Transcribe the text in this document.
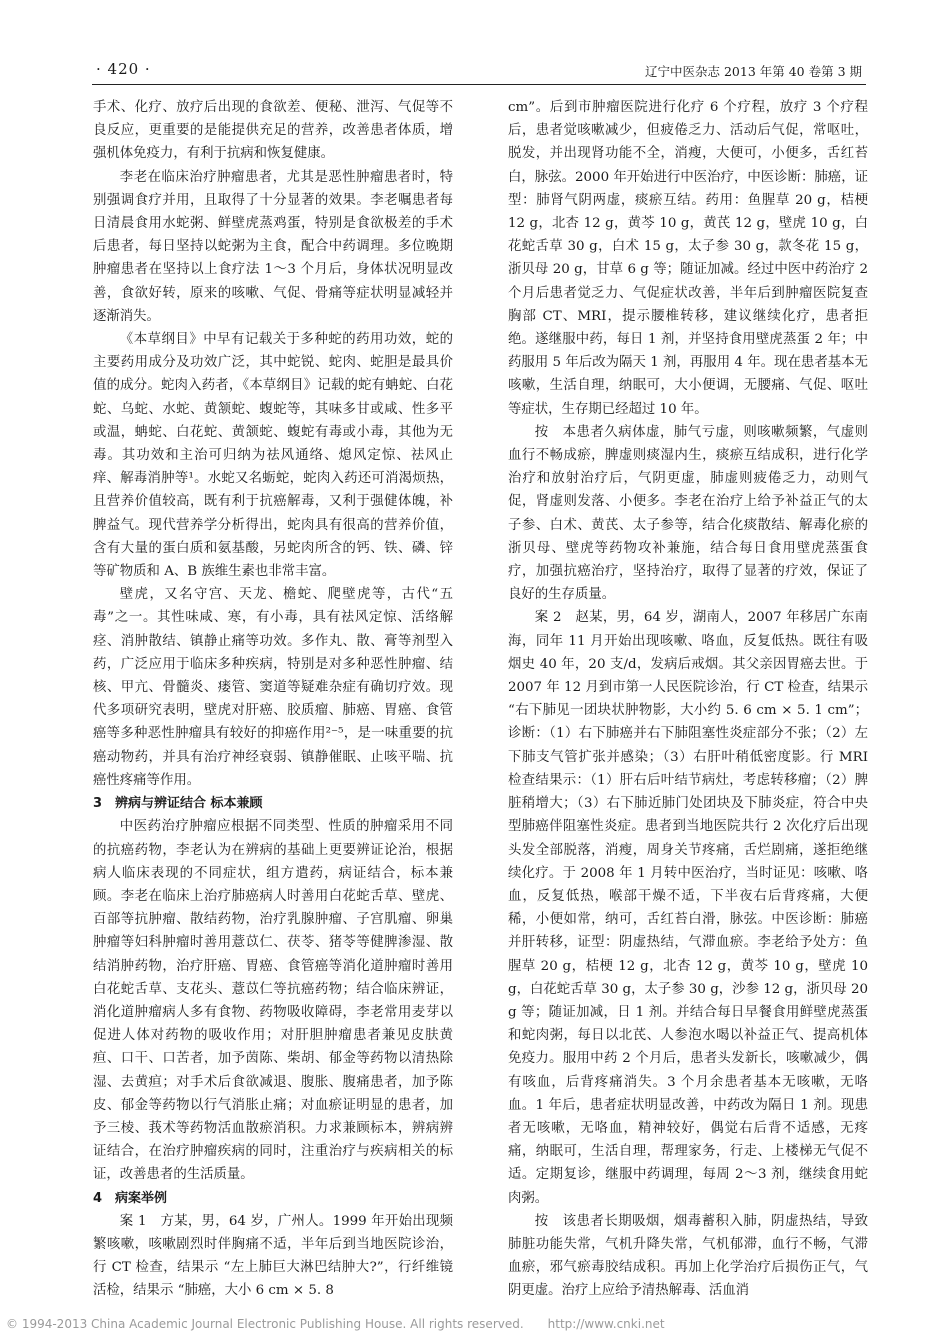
· 420 ·	辽宁中医杂志 2013 年第 40 卷第 3 期

手术、化疗、放疗后出现的食欲差、便秘、泄泻、气促等不良反应，更重要的是能提供充足的营养，改善患者体质，增强机体免疫力，有利于抗病和恢复健康。

李老在临床治疗肿瘤患者，尤其是恶性肿瘤患者时，特别强调食疗并用，且取得了十分显著的效果。李老嘱患者每日清晨食用水蛇粥、鲜壁虎蒸鸡蛋，特别是食欲极差的手术后患者，每日坚持以蛇粥为主食，配合中药调理。多位晚期肿瘤患者在坚持以上食疗法 1～3 个月后，身体状况明显改善，食欲好转，原来的咳嗽、气促、骨痛等症状明显减轻并逐渐消失。

《本草纲目》中早有记载关于多种蛇的药用功效，蛇的主要药用成分及功效广泛，其中蛇锐、蛇肉、蛇胆是最具价值的成分。蛇肉入药者，《本草纲目》记载的蛇有蚺蛇、白花蛇、乌蛇、水蛇、黄颔蛇、蝮蛇等，其味多甘或咸、性多平或温，蚺蛇、白花蛇、黄颔蛇、蝮蛇有毒或小毒，其他为无毒。其功效和主治可归纳为祛风通络、熄风定惊、祛风止痒、解毒消肿等¹。水蛇又名蛎蛇，蛇肉入药还可消渴烦热，且营养价值较高，既有利于抗癌解毒，又利于强健体魄，补脾益气。现代营养学分析得出，蛇肉具有很高的营养价值，含有大量的蛋白质和氨基酸，另蛇肉所含的钙、铁、磷、锌等矿物质和 A、B 族维生素也非常丰富。

壁虎，又名守宫、天龙、檐蛇、爬壁虎等，古代“五毒”之一。其性味咸、寒，有小毒，具有祛风定惊、活络解痉、消肿散结、镇静止痛等功效。多作丸、散、膏等剂型入药，广泛应用于临床多种疾病，特别是对多种恶性肿瘤、结核、甲亢、骨髓炎、瘘管、窦道等疑难杂症有确切疗效。现代多项研究表明，壁虎对肝癌、胶质瘤、肺癌、胃癌、食管癌等多种恶性肿瘤具有较好的抑癌作用²⁻⁵，是一味重要的抗癌动物药，并具有治疗神经衰弱、镇静催眠、止咳平喘、抗癌性疼痛等作用。

3 辨病与辨证结合 标本兼顾

中医药治疗肿瘤应根据不同类型、性质的肿瘤采用不同的抗癌药物，李老认为在辨病的基础上更要辨证论治，根据病人临床表现的不同症状，组方遣药，病证结合，标本兼顾。李老在临床上治疗肺癌病人时善用白花蛇舌草、壁虎、百部等抗肿瘤、散结药物，治疗乳腺肿瘤、子宫肌瘤、卵巢肿瘤等妇科肿瘤时善用薏苡仁、茯苓、猪苓等健脾渗湿、散结消肿药物，治疗肝癌、胃癌、食管癌等消化道肿瘤时善用白花蛇舌草、支花头、薏苡仁等抗癌药物；结合临床辨证，消化道肿瘤病人多有食物、药物吸收障碍，李老常用麦芽以促进人体对药物的吸收作用；对肝胆肿瘤患者兼见皮肤黄疸、口干、口苦者，加予茵陈、柴胡、郁金等药物以清热除湿、去黄疸；对手术后食欲减退、腹胀、腹痛患者，加予陈皮、郁金等药物以行气消胀止痛；对血瘀证明显的患者，加予三棱、莪术等药物活血散瘀消积。力求兼顾标本，辨病辨证结合，在治疗肿瘤疾病的同时，注重治疗与疾病相关的标证，改善患者的生活质量。

4 病案举例

案 1　方某，男，64 岁，广州人。1999 年开始出现频繁咳嗽，咳嗽剧烈时伴胸痛不适，半年后到当地医院诊治，行 CT 检查，结果示 “左上肺巨大淋巴结肿大?”，行纤维镜活检，结果示 “肺癌，大小 6 cm × 5. 8

cm”。后到市肿瘤医院进行化疗 6 个疗程，放疗 3 个疗程后，患者觉咳嗽减少，但疲倦乏力、活动后气促，常呕吐，脱发，并出现肾功能不全，消瘦，大便可，小便多，舌红苔白，脉弦。2000 年开始进行中医治疗，中医诊断：肺癌，证型：肺肾气阴两虚，痰瘀互结。药用：鱼腥草 20 g，桔梗 12 g，北杏 12 g，黄芩 10 g，黄芪 12 g，壁虎 10 g，白花蛇舌草 30 g，白术 15 g，太子参 30 g，款冬花 15 g，浙贝母 20 g，甘草 6 g 等；随证加减。经过中医中药治疗 2 个月后患者觉乏力、气促症状改善，半年后到肿瘤医院复查胸部 CT、MRI，提示腰椎转移，建议继续化疗，患者拒绝。遂继服中药，每日 1 剂，并坚持食用壁虎蒸蛋 2 年；中药服用 5 年后改为隔天 1 剂，再服用 4 年。现在患者基本无咳嗽，生活自理，纳眠可，大小便调，无腰痛、气促、呕吐等症状，生存期已经超过 10 年。

按　本患者久病体虚，肺气亏虚，则咳嗽频繁，气虚则血行不畅成瘀，脾虚则痰湿内生，痰瘀互结成积，进行化学治疗和放射治疗后，气阴更虚，肺虚则疲倦乏力，动则气促，肾虚则发落、小便多。李老在治疗上给予补益正气的太子参、白术、黄芪、太子参等，结合化痰散结、解毒化瘀的浙贝母、壁虎等药物攻补兼施，结合每日食用壁虎蒸蛋食疗，加强抗癌治疗，坚持治疗，取得了显著的疗效，保证了良好的生存质量。

案 2　赵某，男，64 岁，湖南人，2007 年移居广东南海，同年 11 月开始出现咳嗽、咯血，反复低热。既往有吸烟史 40 年，20 支/d，发病后戒烟。其父亲因胃癌去世。于 2007 年 12 月到市第一人民医院诊治，行 CT 检查，结果示 “右下肺见一团块状肿物影，大小约 5. 6 cm × 5. 1 cm”；诊断：（1）右下肺癌并右下肺阻塞性炎症部分不张；（2）左下肺支气管扩张并感染；（3）右肝叶稍低密度影。行 MRI 检查结果示：（1）肝右后叶结节病灶，考虑转移瘤；（2）脾脏稍增大；（3）右下肺近肺门处团块及下肺炎症，符合中央型肺癌伴阻塞性炎症。患者到当地医院共行 2 次化疗后出现头发全部脱落，消瘦，周身关节疼痛，舌烂剧痛，遂拒绝继续化疗。于 2008 年 1 月转中医治疗，当时证见：咳嗽、咯血，反复低热，喉部干燥不适，下半夜右后背疼痛，大便稀，小便如常，纳可，舌红苔白滑，脉弦。中医诊断：肺癌并肝转移，证型：阴虚热结，气滞血瘀。李老给予处方：鱼腥草 20 g，桔梗 12 g，北杏 12 g，黄芩 10 g，壁虎 10 g，白花蛇舌草 30 g，太子参 30 g，沙参 12 g，浙贝母 20 g 等；随证加减，日 1 剂。并结合每日早餐食用鲜壁虎蒸蛋和蛇肉粥，每日以北芪、人参泡水喝以补益正气、提高机体免疫力。服用中药 2 个月后，患者头发新长，咳嗽减少，偶有咳血，后背疼痛消失。3 个月余患者基本无咳嗽，无咯血。1 年后，患者症状明显改善，中药改为隔日 1 剂。现患者无咳嗽，无咯血，精神较好，偶觉右后背不适感，无疼痛，纳眠可，生活自理，帮理家务，行走、上楼梯无气促不适。定期复诊，继服中药调理，每周 2～3 剂，继续食用蛇肉粥。

按　该患者长期吸烟，烟毒蓄积入肺，阴虚热结，导致肺脏功能失常，气机升降失常，气机郁滞，血行不畅，气滞血瘀，邪气瘀毒胶结成积。再加上化学治疗后损伤正气，气阴更虚。治疗上应给予清热解毒、活血消

© 1994-2013 China Academic Journal Electronic Publishing House. All rights reserved.　　http://www.cnki.net
